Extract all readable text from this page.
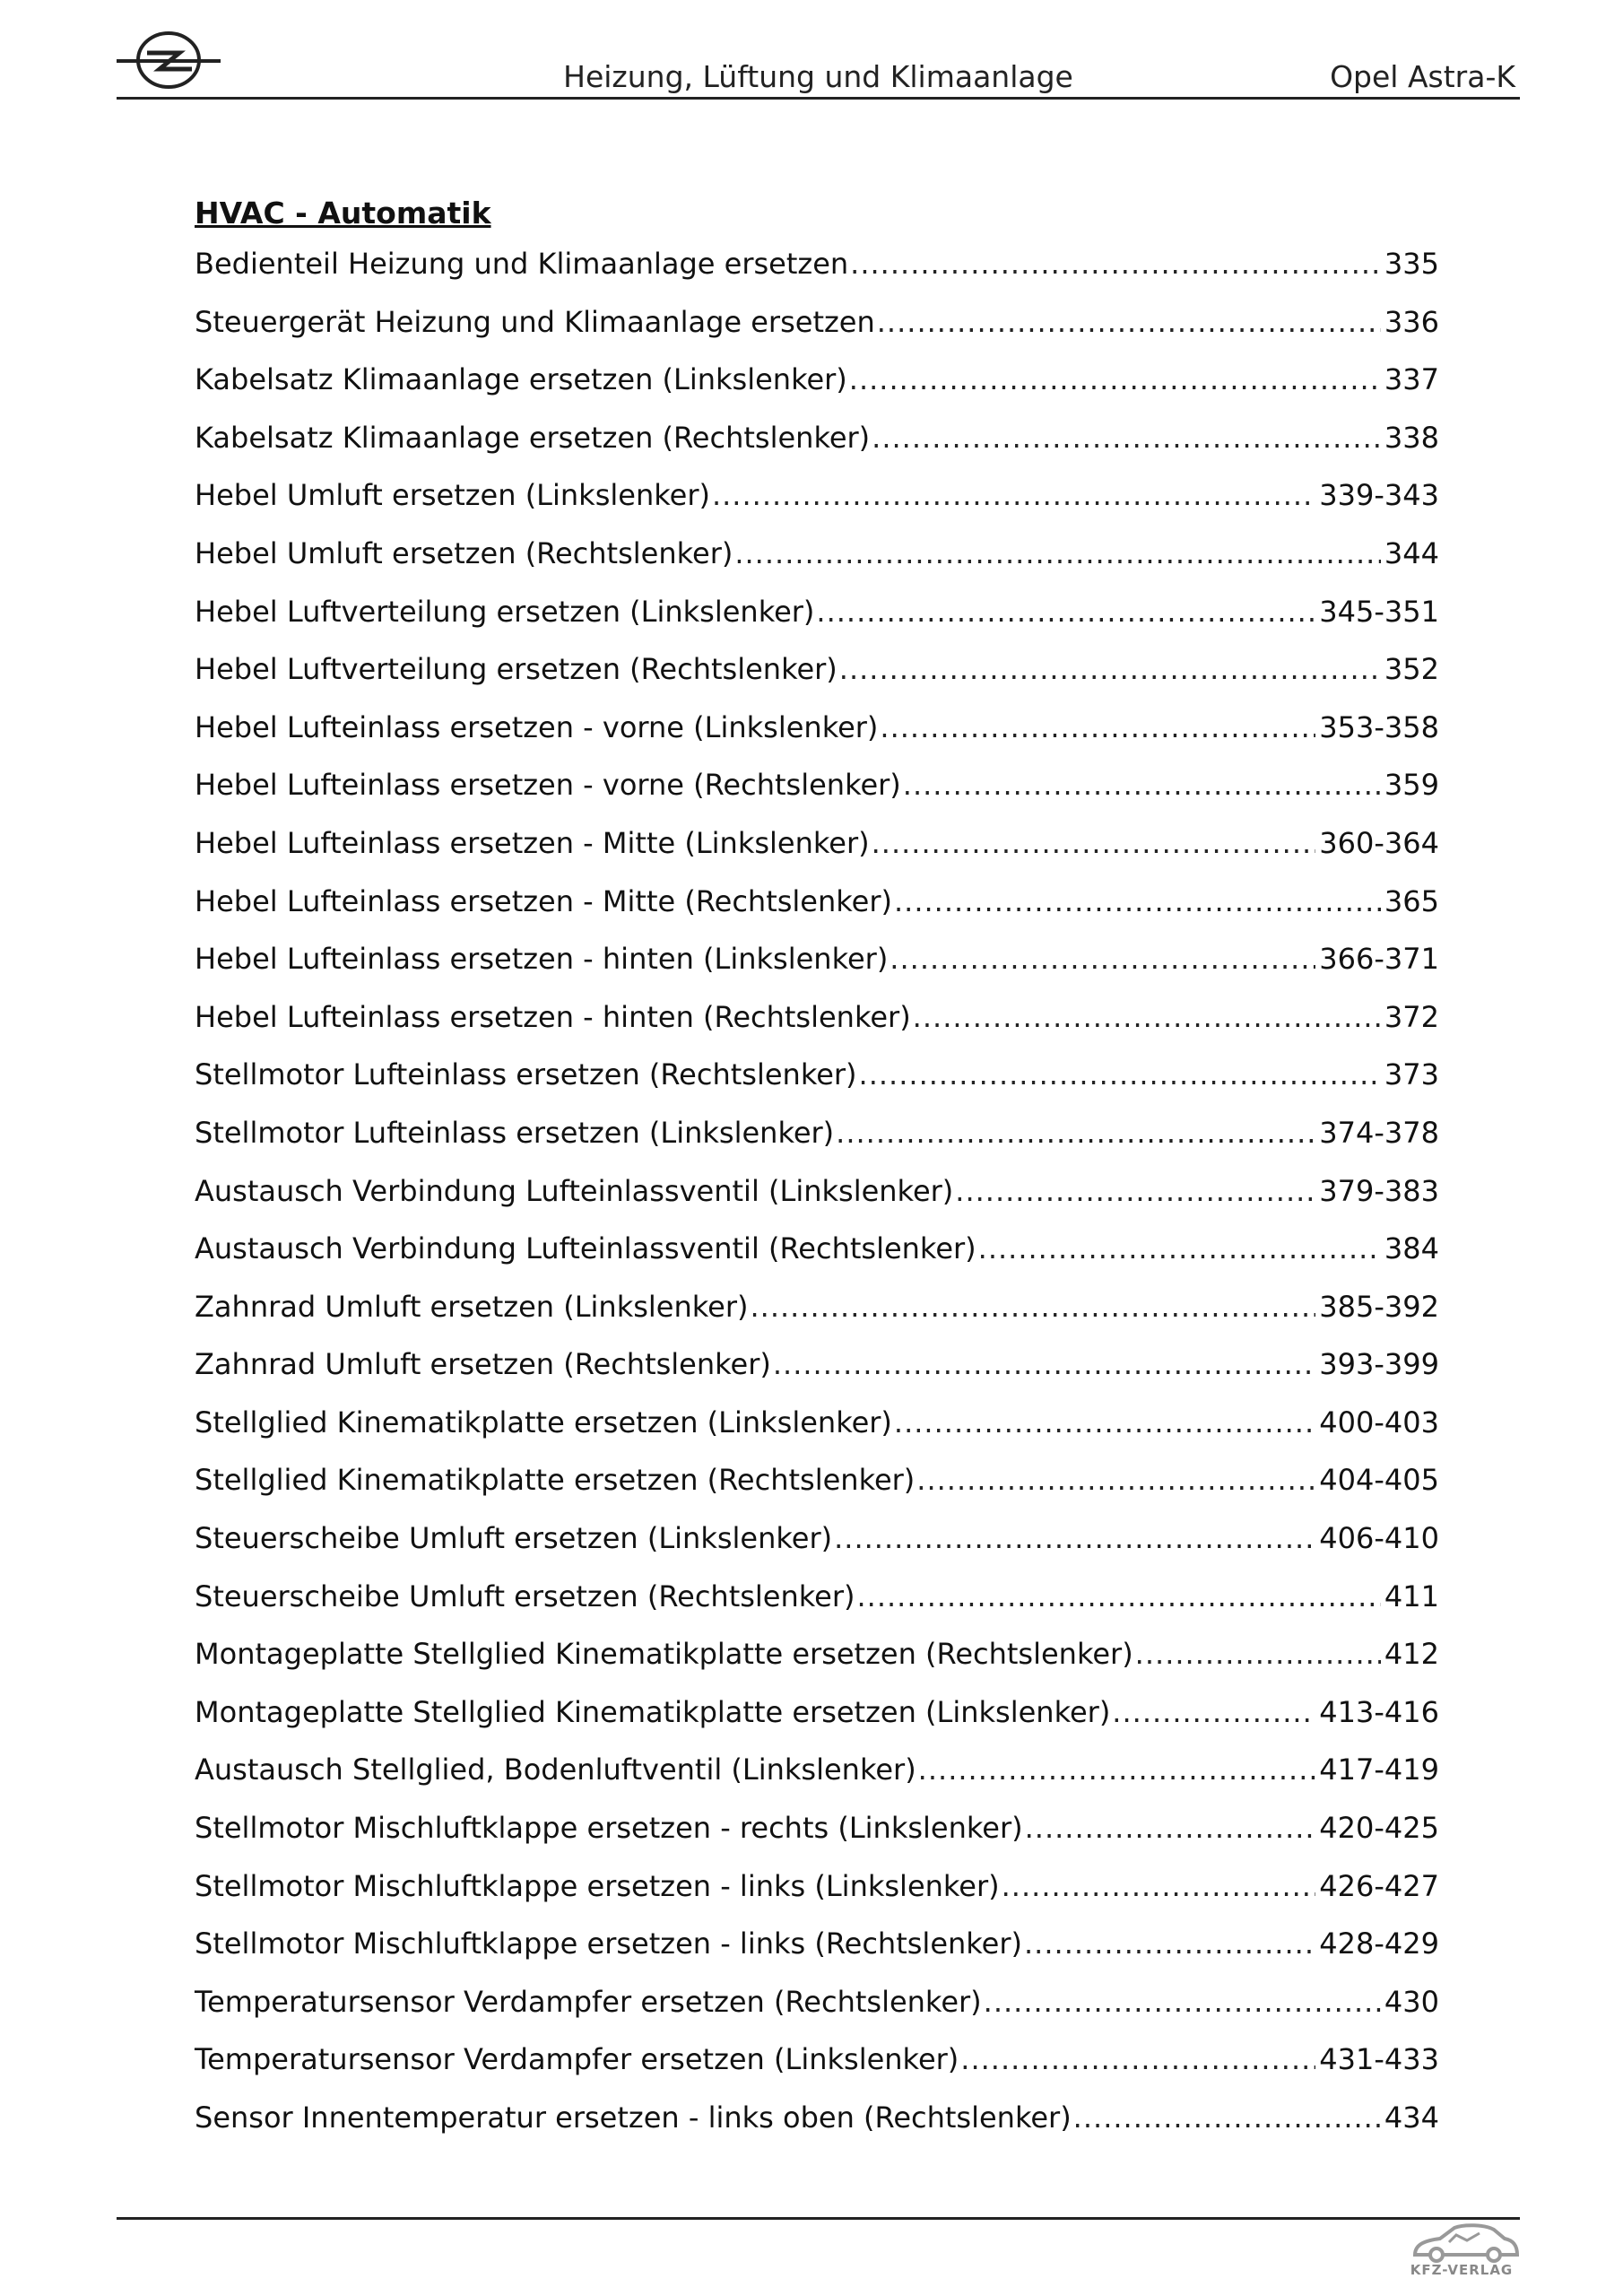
Heizung, Lüftung und Klimaanlage	Opel Astra-K
HVAC - Automatik
Bedienteil Heizung und Klimaanlage ersetzen .....	335
Steuergerät Heizung und Klimaanlage ersetzen .....	336
Kabelsatz Klimaanlage ersetzen (Linkslenker) .....	337
Kabelsatz Klimaanlage ersetzen (Rechtslenker) .....	338
Hebel Umluft ersetzen (Linkslenker) .....	339-343
Hebel Umluft ersetzen (Rechtslenker) .....	344
Hebel Luftverteilung ersetzen (Linkslenker) .....	345-351
Hebel Luftverteilung ersetzen (Rechtslenker) .....	352
Hebel Lufteinlass ersetzen - vorne (Linkslenker) .....	353-358
Hebel Lufteinlass ersetzen - vorne (Rechtslenker) .....	359
Hebel Lufteinlass ersetzen - Mitte (Linkslenker) .....	360-364
Hebel Lufteinlass ersetzen - Mitte (Rechtslenker) .....	365
Hebel Lufteinlass ersetzen - hinten (Linkslenker) .....	366-371
Hebel Lufteinlass ersetzen - hinten (Rechtslenker) .....	372
Stellmotor Lufteinlass ersetzen (Rechtslenker) .....	373
Stellmotor Lufteinlass ersetzen (Linkslenker) .....	374-378
Austausch Verbindung Lufteinlassventil (Linkslenker) .....	379-383
Austausch Verbindung Lufteinlassventil (Rechtslenker) .....	384
Zahnrad Umluft ersetzen (Linkslenker) .....	385-392
Zahnrad Umluft ersetzen (Rechtslenker) .....	393-399
Stellglied Kinematikplatte ersetzen (Linkslenker) .....	400-403
Stellglied Kinematikplatte ersetzen (Rechtslenker) .....	404-405
Steuerscheibe Umluft ersetzen (Linkslenker) .....	406-410
Steuerscheibe Umluft ersetzen (Rechtslenker) .....	411
Montageplatte Stellglied Kinematikplatte ersetzen (Rechtslenker) .....	412
Montageplatte Stellglied Kinematikplatte ersetzen (Linkslenker) .....	413-416
Austausch Stellglied, Bodenluftventil (Linkslenker) .....	417-419
Stellmotor Mischluftklappe ersetzen - rechts (Linkslenker) .....	420-425
Stellmotor Mischluftklappe ersetzen - links (Linkslenker) .....	426-427
Stellmotor Mischluftklappe ersetzen - links (Rechtslenker) .....	428-429
Temperatursensor Verdampfer ersetzen (Rechtslenker) .....	430
Temperatursensor Verdampfer ersetzen (Linkslenker) .....	431-433
Sensor Innentemperatur ersetzen - links oben (Rechtslenker) .....	434
KFZ-VERLAG
